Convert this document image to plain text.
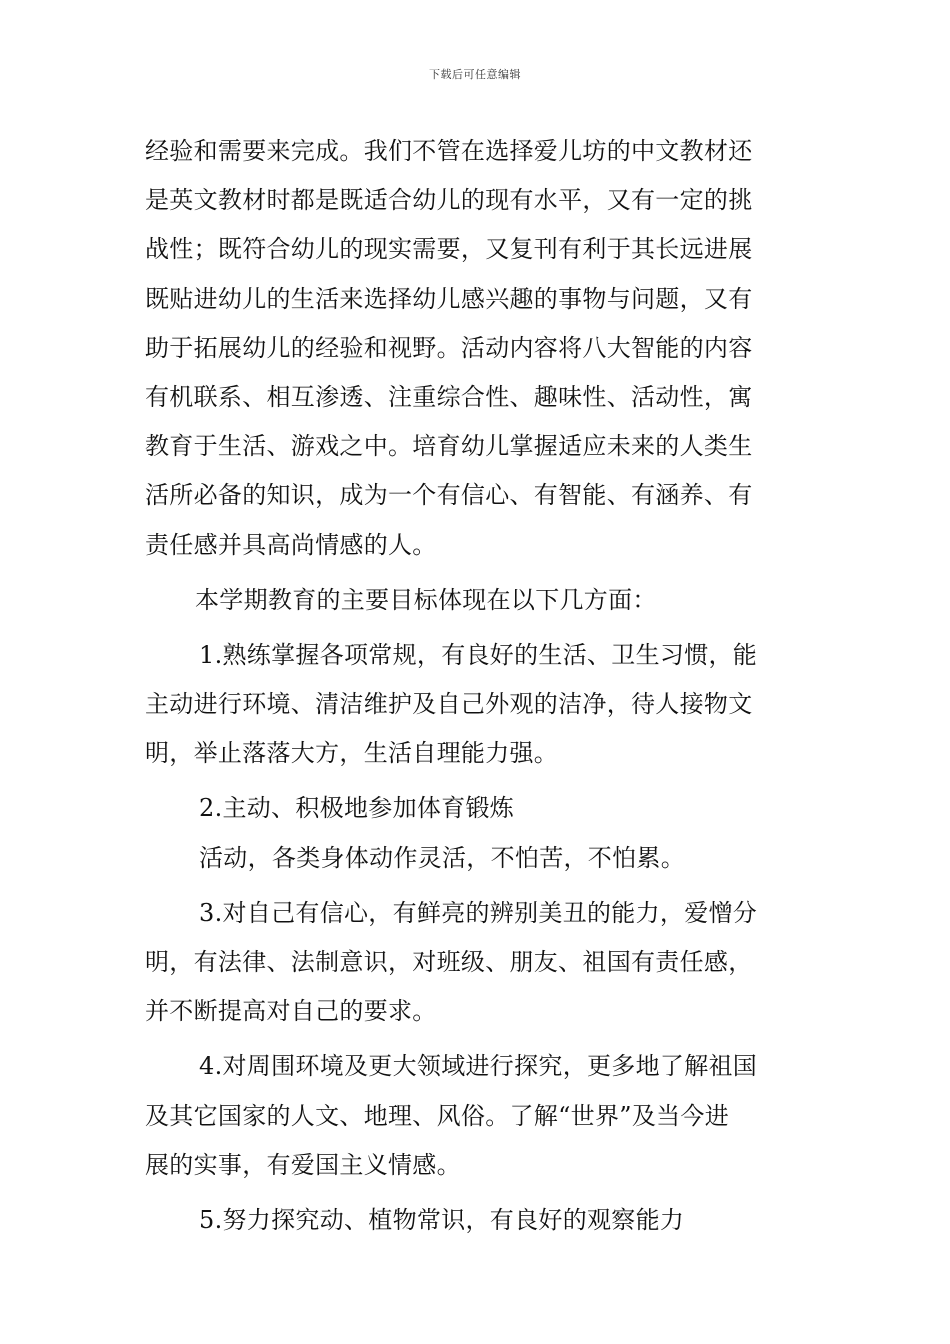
下载后可任意编辑
经验和需要来完成。我们不管在选择爱儿坊的中文教材还
是英文教材时都是既适合幼儿的现有水平，又有一定的挑
战性；既符合幼儿的现实需要，又复刊有利于其长远进展
既贴进幼儿的生活来选择幼儿感兴趣的事物与问题，又有
助于拓展幼儿的经验和视野。活动内容将八大智能的内容
有机联系、相互渗透、注重综合性、趣味性、活动性，寓
教育于生活、游戏之中。培育幼儿掌握适应未来的人类生
活所必备的知识，成为一个有信心、有智能、有涵养、有
责任感并具高尚情感的人。
本学期教育的主要目标体现在以下几方面：
1.熟练掌握各项常规，有良好的生活、卫生习惯，能
主动进行环境、清洁维护及自己外观的洁净，待人接物文
明，举止落落大方，生活自理能力强。
2.主动、积极地参加体育锻炼
活动，各类身体动作灵活，不怕苦，不怕累。
3.对自己有信心，有鲜亮的辨别美丑的能力，爱憎分
明，有法律、法制意识，对班级、朋友、祖国有责任感，
并不断提高对自己的要求。
4.对周围环境及更大领域进行探究，更多地了解祖国
及其它国家的人文、地理、风俗。了解“世界”及当今进
展的实事，有爱国主义情感。
5.努力探究动、植物常识，有良好的观察能力
